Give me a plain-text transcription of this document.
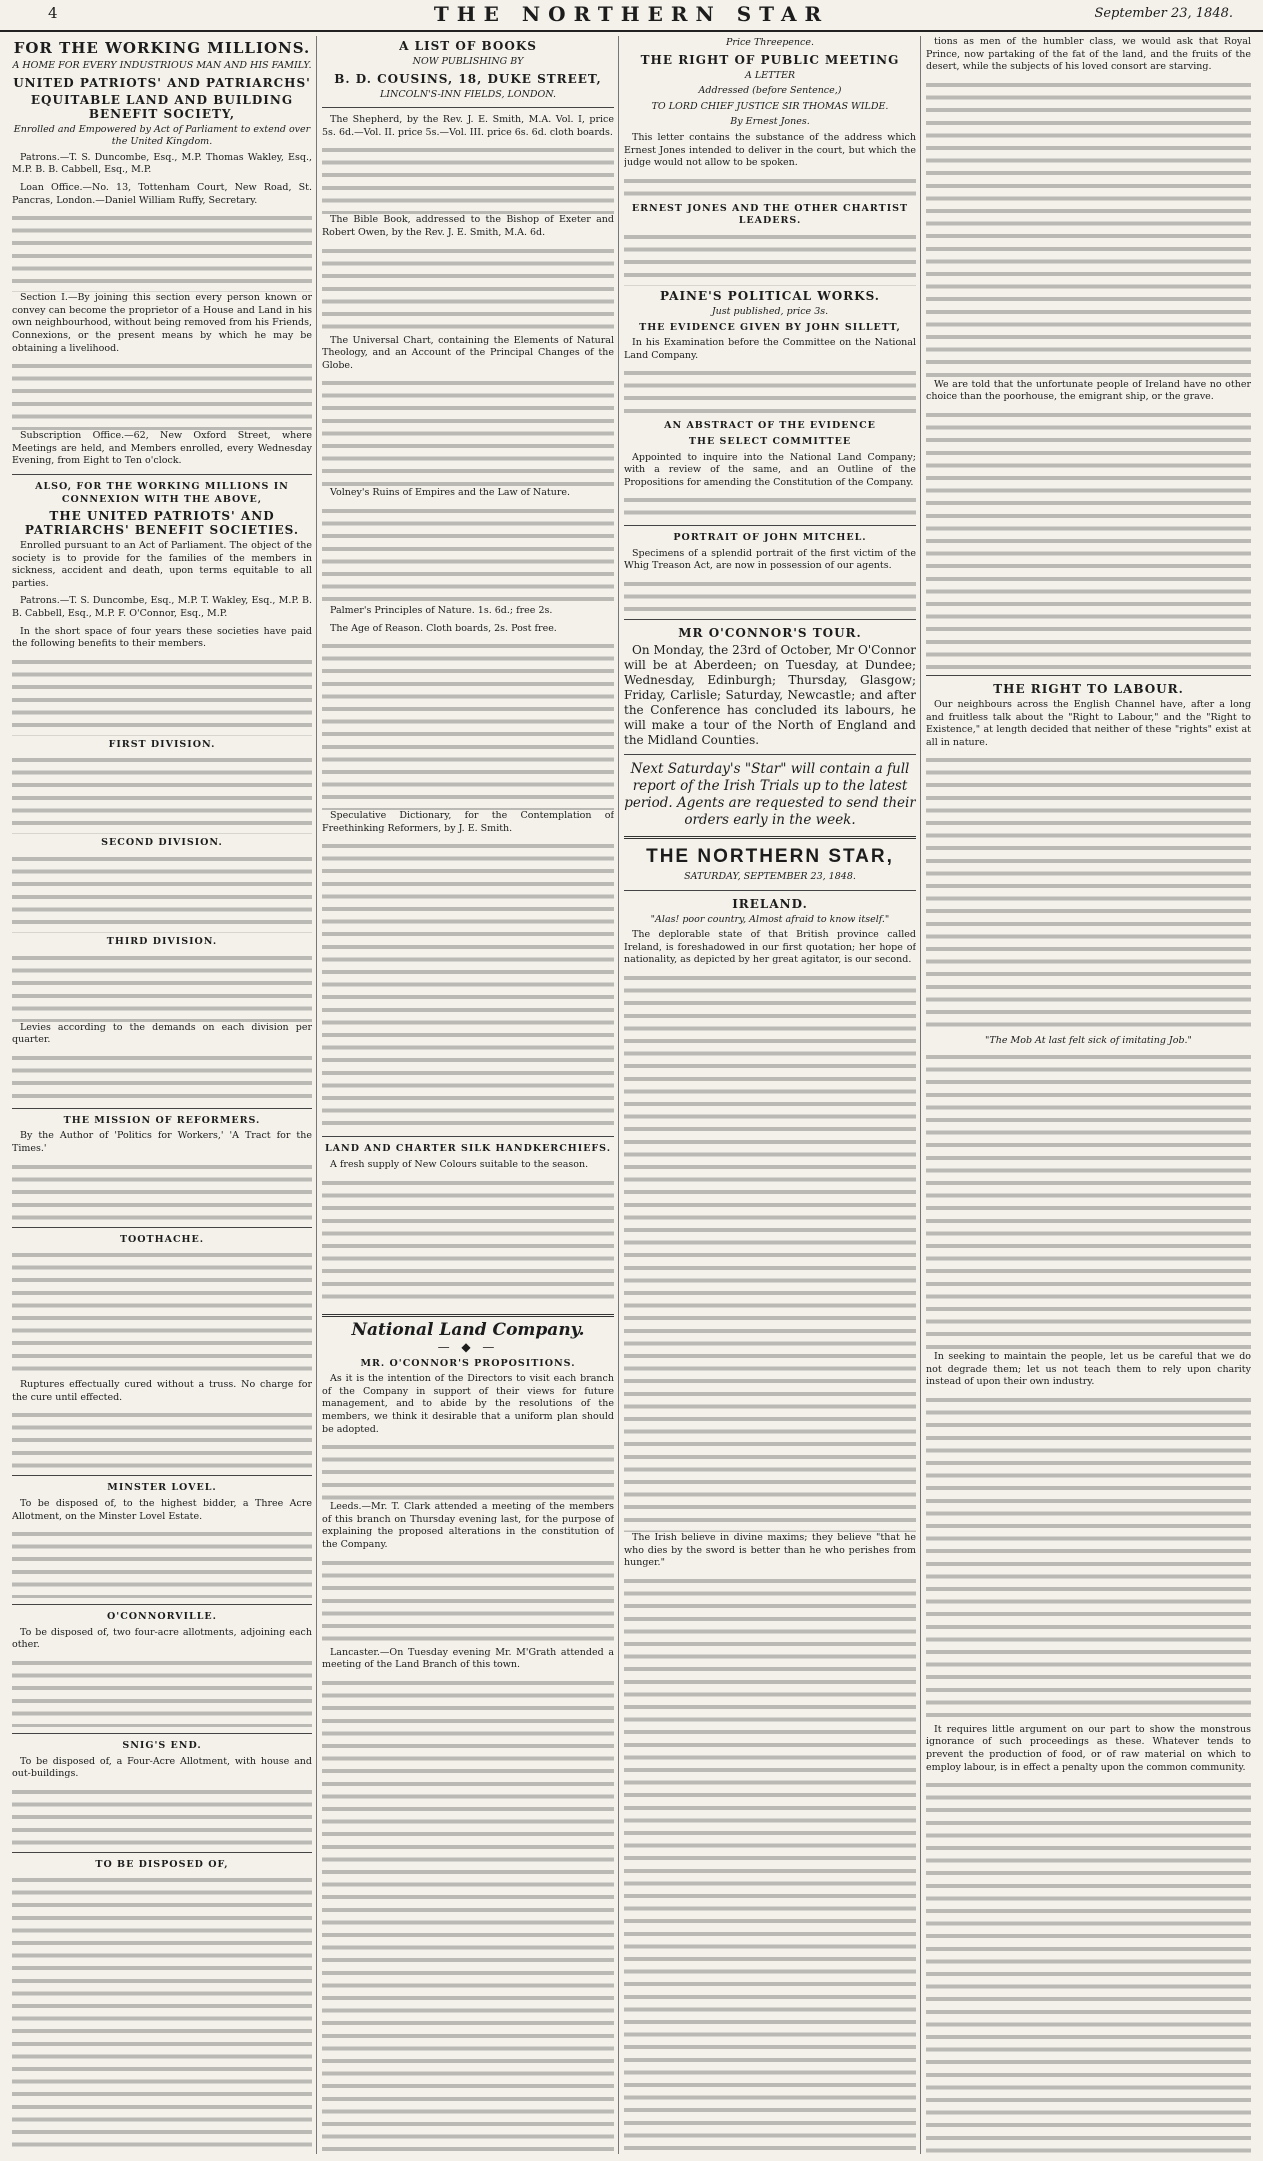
4	THE NORTHERN STAR	September 23, 1848.
FOR THE WORKING MILLIONS.
A HOME FOR EVERY INDUSTRIOUS MAN AND HIS FAMILY.
UNITED PATRIOTS' AND PATRIARCHS'
EQUITABLE LAND AND BUILDING BENEFIT SOCIETY,
Enrolled and Empowered by Act of Parliament to extend over the United Kingdom.

Patrons.—T. S. Duncombe, Esq., M.P. Thomas Wakley, Esq., M.P. B. B. Cabbell, Esq., M.P.

Loan Office.—No. 13, Tottenham Court, New Road, St. Pancras, London.—Daniel William Ruffy, Secretary.

Section I.—By joining this section every person known or convey can become the proprietor of a House and Land in his own neighbourhood, without being removed from his Friends, Connexions, or the present means by which he may be obtaining a livelihood.

Subscription Office.—62, New Oxford Street, where Meetings are held, and Members enrolled, every Wednesday Evening, from Eight to Ten o'clock.

ALSO, FOR THE WORKING MILLIONS IN CONNEXION WITH THE ABOVE,
THE UNITED PATRIOTS' AND PATRIARCHS' BENEFIT SOCIETIES.

Enrolled pursuant to an Act of Parliament. The object of the society is to provide for the families of the members in sickness, accident and death, upon terms equitable to all parties.

Patrons.—T. S. Duncombe, Esq., M.P. T. Wakley, Esq., M.P. B. B. Cabbell, Esq., M.P. F. O'Connor, Esq., M.P.

In the short space of four years these societies have paid the following benefits to their members.

FIRST DIVISION.
SECOND DIVISION.
THIRD DIVISION.

Levies according to the demands on each division per quarter.

THE MISSION OF REFORMERS.

By the Author of 'Politics for Workers,' 'A Tract for the Times.'

TOOTHACHE.

Ruptures effectually cured without a truss. No charge for the cure until effected.

MINSTER LOVEL.

To be disposed of, to the highest bidder, a Three Acre Allotment, on the Minster Lovel Estate.

O'CONNORVILLE.

To be disposed of, two four-acre allotments, adjoining each other.

SNIG'S END.

To be disposed of, a Four-Acre Allotment, with house and out-buildings.

TO BE DISPOSED OF,
A LIST OF BOOKS
NOW PUBLISHING BY
B. D. COUSINS, 18, DUKE STREET,
LINCOLN'S-INN FIELDS, LONDON.

The Shepherd, by the Rev. J. E. Smith, M.A. Vol. I, price 5s. 6d.—Vol. II. price 5s.—Vol. III. price 6s. 6d. cloth boards.

The Bible Book, addressed to the Bishop of Exeter and Robert Owen, by the Rev. J. E. Smith, M.A. 6d.

The Universal Chart, containing the Elements of Natural Theology, and an Account of the Principal Changes of the Globe.

Volney's Ruins of Empires and the Law of Nature.

Palmer's Principles of Nature. 1s. 6d.; free 2s.

The Age of Reason. Cloth boards, 2s. Post free.

Speculative Dictionary, for the Contemplation of Freethinking Reformers, by J. E. Smith.

LAND AND CHARTER SILK HANDKERCHIEFS.

A fresh supply of New Colours suitable to the season.

National Land Company.
— ◆ —
MR. O'CONNOR'S PROPOSITIONS.

As it is the intention of the Directors to visit each branch of the Company in support of their views for future management, and to abide by the resolutions of the members, we think it desirable that a uniform plan should be adopted.

Leeds.—Mr. T. Clark attended a meeting of the members of this branch on Thursday evening last, for the purpose of explaining the proposed alterations in the constitution of the Company.

Lancaster.—On Tuesday evening Mr. M'Grath attended a meeting of the Land Branch of this town.

Price Threepence.
THE RIGHT OF PUBLIC MEETING
A LETTER
Addressed (before Sentence,)
TO LORD CHIEF JUSTICE SIR THOMAS WILDE.
By Ernest Jones.

This letter contains the substance of the address which Ernest Jones intended to deliver in the court, but which the judge would not allow to be spoken.

ERNEST JONES AND THE OTHER CHARTIST LEADERS.
PAINE'S POLITICAL WORKS.
Just published, price 3s.
THE EVIDENCE GIVEN BY JOHN SILLETT,

In his Examination before the Committee on the National Land Company.

AN ABSTRACT OF THE EVIDENCE
THE SELECT COMMITTEE

Appointed to inquire into the National Land Company; with a review of the same, and an Outline of the Propositions for amending the Constitution of the Company.

PORTRAIT OF JOHN MITCHEL.

Specimens of a splendid portrait of the first victim of the Whig Treason Act, are now in possession of our agents.

MR O'CONNOR'S TOUR.

On Monday, the 23rd of October, Mr O'Connor will be at Aberdeen; on Tuesday, at Dundee; Wednesday, Edinburgh; Thursday, Glasgow; Friday, Carlisle; Saturday, Newcastle; and after the Conference has concluded its labours, he will make a tour of the North of England and the Midland Counties.

Next Saturday's "Star" will contain a full report of the Irish Trials up to the latest period. Agents are requested to send their orders early in the week.
THE NORTHERN STAR,
SATURDAY, SEPTEMBER 23, 1848.
IRELAND.
"Alas! poor country, Almost afraid to know itself."

The deplorable state of that British province called Ireland, is foreshadowed in our first quotation; her hope of nationality, as depicted by her great agitator, is our second.

The Irish believe in divine maxims; they believe "that he who dies by the sword is better than he who perishes from hunger."

tions as men of the humbler class, we would ask that Royal Prince, now partaking of the fat of the land, and the fruits of the desert, while the subjects of his loved consort are starving.

We are told that the unfortunate people of Ireland have no other choice than the poorhouse, the emigrant ship, or the grave.

THE RIGHT TO LABOUR.

Our neighbours across the English Channel have, after a long and fruitless talk about the "Right to Labour," and the "Right to Existence," at length decided that neither of these "rights" exist at all in nature.

"The Mob At last felt sick of imitating Job."

In seeking to maintain the people, let us be careful that we do not degrade them; let us not teach them to rely upon charity instead of upon their own industry.

It requires little argument on our part to show the monstrous ignorance of such proceedings as these. Whatever tends to prevent the production of food, or of raw material on which to employ labour, is in effect a penalty upon the common community.
